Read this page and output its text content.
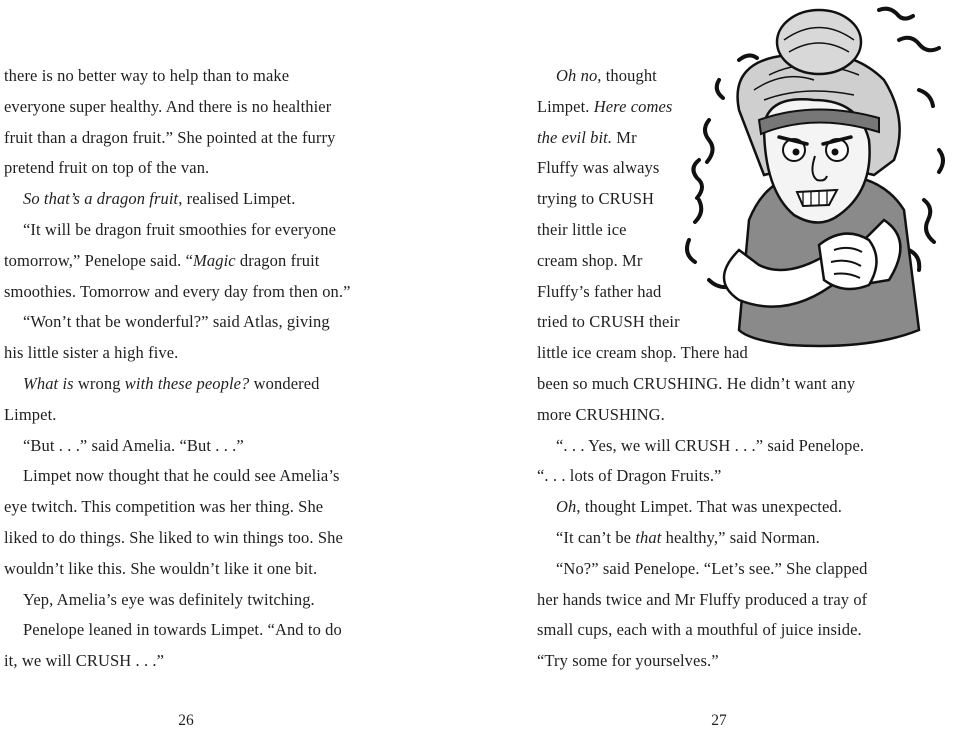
there is no better way to help than to make
everyone super healthy. And there is no healthier
fruit than a dragon fruit.” She pointed at the furry
pretend fruit on top of the van.
So that’s a dragon fruit, realised Limpet.
“It will be dragon fruit smoothies for everyone
tomorrow,” Penelope said. “Magic dragon fruit
smoothies. Tomorrow and every day from then on.”
“Won’t that be wonderful?” said Atlas, giving
his little sister a high five.
What is wrong with these people? wondered
Limpet.
“But . . .” said Amelia. “But . . .”
Limpet now thought that he could see Amelia’s
eye twitch. This competition was her thing. She
liked to do things. She liked to win things too. She
wouldn’t like this. She wouldn’t like it one bit.
Yep, Amelia’s eye was definitely twitching.
Penelope leaned in towards Limpet. “And to do
it, we will CRUSH . . .”
26
Oh no, thought
Limpet. Here comes
the evil bit. Mr
Fluffy was always
trying to CRUSH
their little ice
cream shop. Mr
Fluffy’s father had
tried to CRUSH their
little ice cream shop. There had
been so much CRUSHING. He didn’t want any
more CRUSHING.
“. . . Yes, we will CRUSH . . .” said Penelope.
“. . . lots of Dragon Fruits.”
Oh, thought Limpet. That was unexpected.
“It can’t be that healthy,” said Norman.
“No?” said Penelope. “Let’s see.” She clapped
her hands twice and Mr Fluffy produced a tray of
small cups, each with a mouthful of juice inside.
“Try some for yourselves.”
27
